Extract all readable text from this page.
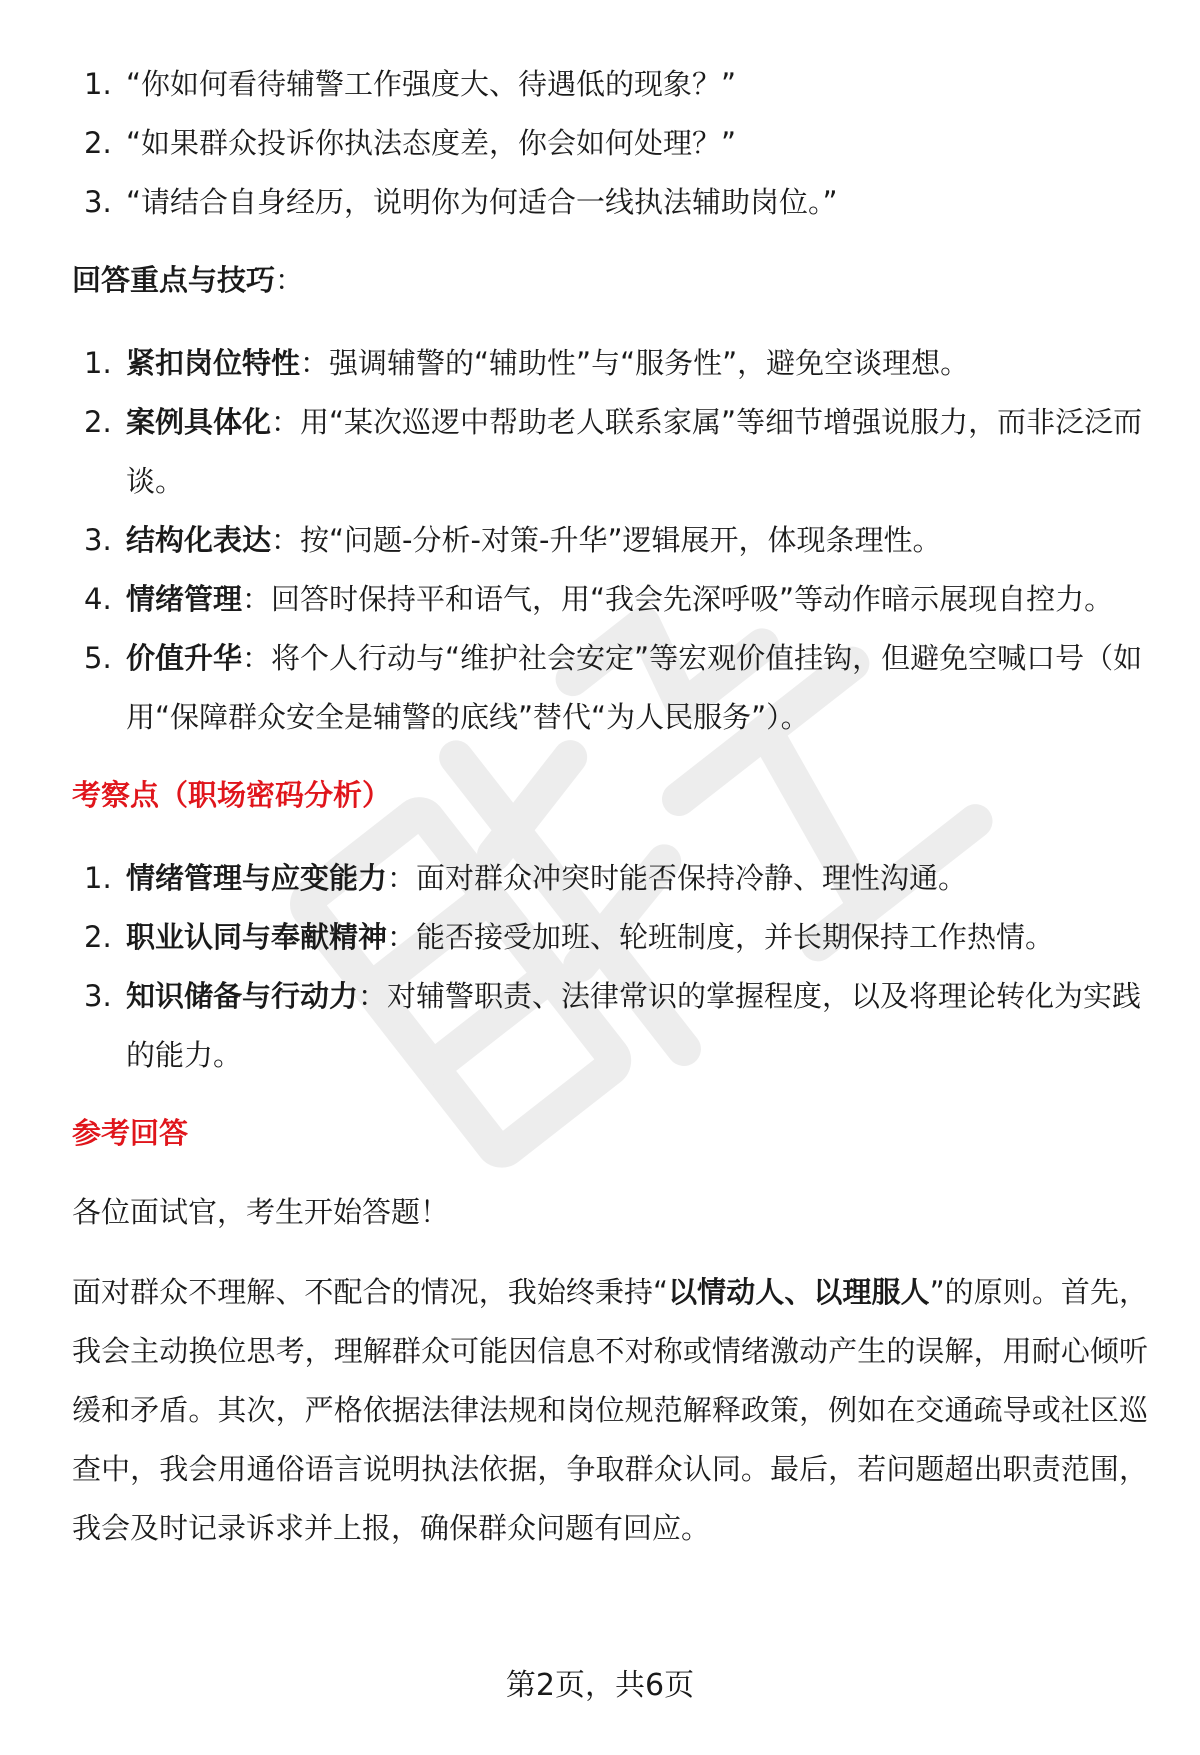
1. “你如何看待辅警工作强度大、待遇低的现象？”
2. “如果群众投诉你执法态度差，你会如何处理？”
3. “请结合自身经历，说明你为何适合一线执法辅助岗位。”
回答重点与技巧：
1. 紧扣岗位特性：强调辅警的“辅助性”与“服务性”，避免空谈理想。
2. 案例具体化：用“某次巡逻中帮助老人联系家属”等细节增强说服力，而非泛泛而谈。
3. 结构化表达：按“问题-分析-对策-升华”逻辑展开，体现条理性。
4. 情绪管理：回答时保持平和语气，用“我会先深呼吸”等动作暗示展现自控力。
5. 价值升华：将个人行动与“维护社会安定”等宏观价值挂钩，但避免空喊口号（如用“保障群众安全是辅警的底线”替代“为人民服务”）。
考察点（职场密码分析）
1. 情绪管理与应变能力：面对群众冲突时能否保持冷静、理性沟通。
2. 职业认同与奉献精神：能否接受加班、轮班制度，并长期保持工作热情。
3. 知识储备与行动力：对辅警职责、法律常识的掌握程度，以及将理论转化为实践的能力。
参考回答

各位面试官，考生开始答题！

面对群众不理解、不配合的情况，我始终秉持“以情动人、以理服人”的原则。首先，我会主动换位思考，理解群众可能因信息不对称或情绪激动产生的误解，用耐心倾听缓和矛盾。其次，严格依据法律法规和岗位规范解释政策，例如在交通疏导或社区巡查中，我会用通俗语言说明执法依据，争取群众认同。最后，若问题超出职责范围，我会及时记录诉求并上报，确保群众问题有回应。

第2页，共6页
